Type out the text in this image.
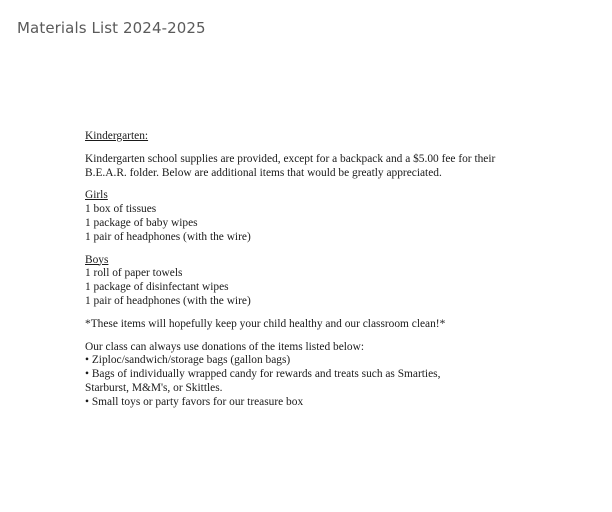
Materials List 2024-2025
Kindergarten:
Kindergarten school supplies are provided, except for a backpack and a $5.00 fee for their
B.E.A.R. folder. Below are additional items that would be greatly appreciated.
Girls
1 box of tissues
1 package of baby wipes
1 pair of headphones (with the wire)
Boys
1 roll of paper towels
1 package of disinfectant wipes
1 pair of headphones (with the wire)
*These items will hopefully keep your child healthy and our classroom clean!*
Our class can always use donations of the items listed below:
• Ziploc/sandwich/storage bags (gallon bags)
• Bags of individually wrapped candy for rewards and treats such as Smarties,
Starburst, M&M's, or Skittles.
• Small toys or party favors for our treasure box
